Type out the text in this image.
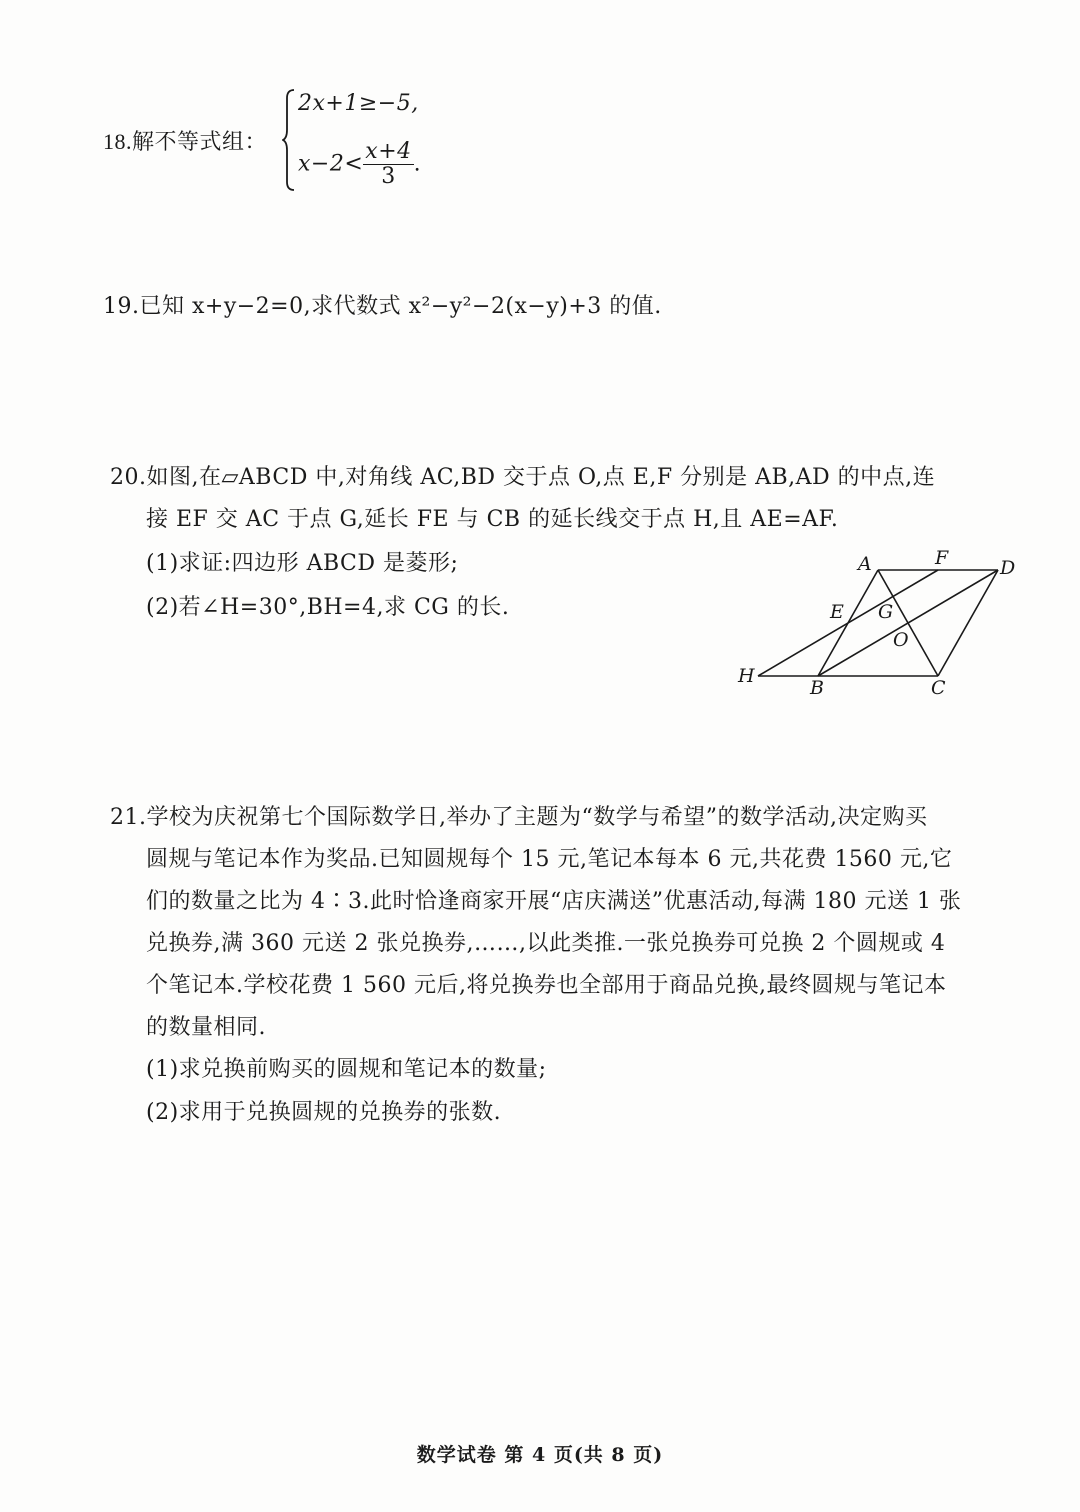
18.解不等式组：
2x+1≥−5,
$x-2< \frac{x+4}{3}$ .
19.已知 x+y−2=0,求代数式 x²−y²−2(x−y)+3 的值.
20.如图,在▱ABCD 中,对角线 AC,BD 交于点 O,点 E,F 分别是 AB,AD 的中点,连
接 EF 交 AC 于点 G,延长 FE 与 CB 的延长线交于点 H,且 AE=AF.
(1)求证:四边形 ABCD 是菱形;
(2)若∠H=30°,BH=4,求 CG 的长.
A	F	D
E G
O
H
B	C
21.学校为庆祝第七个国际数学日,举办了主题为“数学与希望”的数学活动,决定购买
圆规与笔记本作为奖品.已知圆规每个 15 元,笔记本每本 6 元,共花费 1560 元,它
们的数量之比为 4∶3.此时恰逢商家开展“店庆满送”优惠活动,每满 180 元送 1 张
兑换券,满 360 元送 2 张兑换券,……,以此类推.一张兑换券可兑换 2 个圆规或 4
个笔记本.学校花费 1 560 元后,将兑换券也全部用于商品兑换,最终圆规与笔记本
的数量相同.
(1)求兑换前购买的圆规和笔记本的数量;
(2)求用于兑换圆规的兑换券的张数.
数学试卷 第 4 页(共 8 页)
